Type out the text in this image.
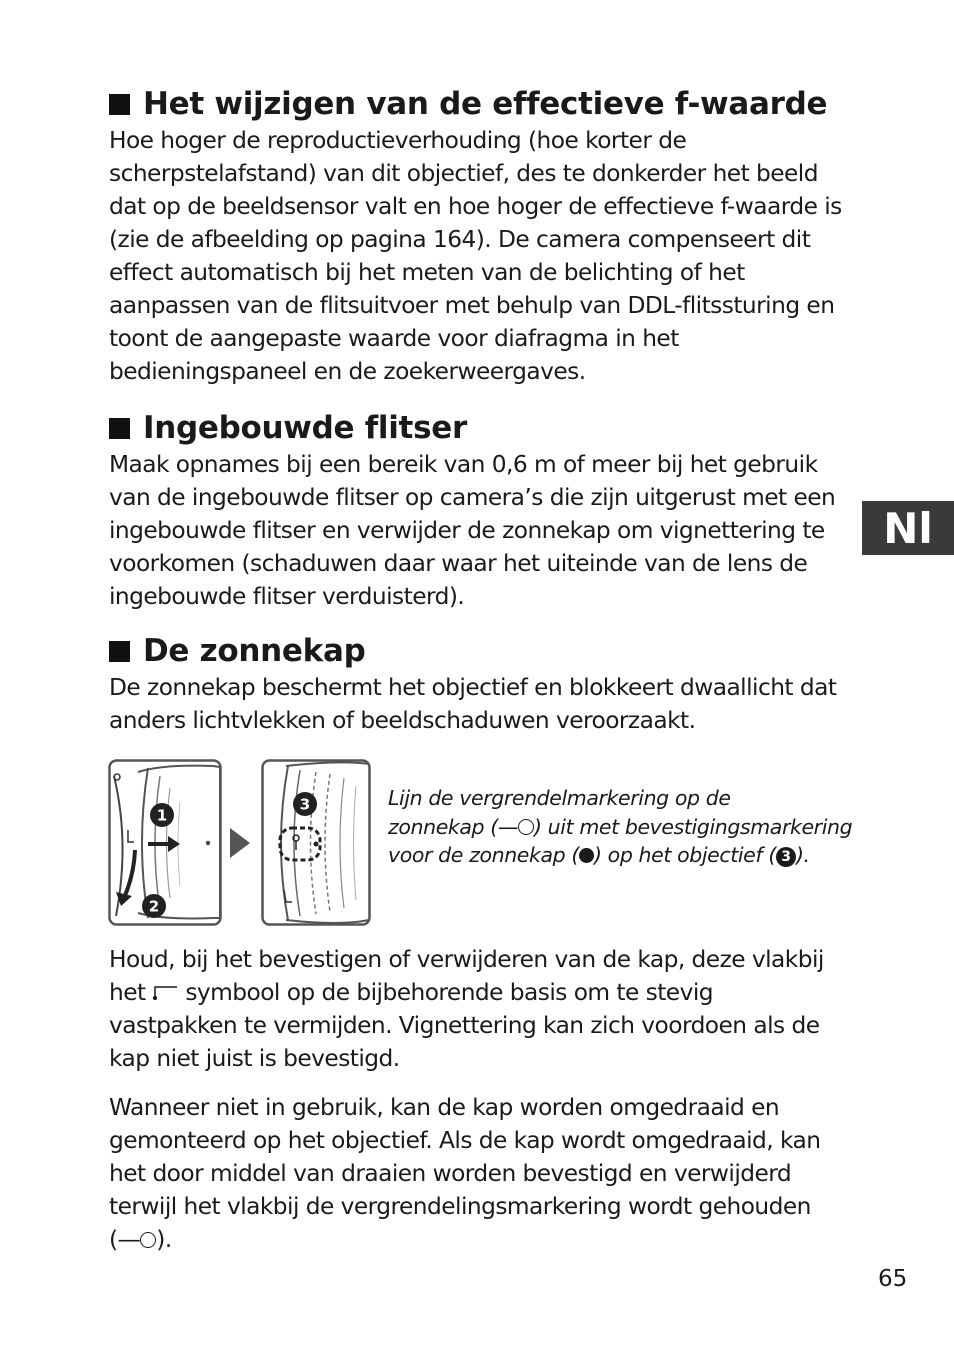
Het wijzigen van de effectieve f-waarde

Hoe hoger de reproductieverhouding (hoe korter de
scherpstelafstand) van dit objectief, des te donkerder het beeld
dat op de beeldsensor valt en hoe hoger de effectieve f-waarde is
(zie de afbeelding op pagina 164). De camera compenseert dit
effect automatisch bij het meten van de belichting of het
aanpassen van de flitsuitvoer met behulp van DDL-flitssturing en
toont de aangepaste waarde voor diafragma in het
bedieningspaneel en de zoekerweergaves.

Ingebouwde flitser

Maak opnames bij een bereik van 0,6 m of meer bij het gebruik
van de ingebouwde flitser op camera’s die zijn uitgerust met een
ingebouwde flitser en verwijder de zonnekap om vignettering te
voorkomen (schaduwen daar waar het uiteinde van de lens de
ingebouwde flitser verduisterd).

De zonnekap

De zonnekap beschermt het objectief en blokkeert dwaallicht dat
anders lichtvlekken of beeldschaduwen veroorzaakt.

Nl
1
2
3	Lijn de vergrendelmarkering op de
zonnekap (— ) uit met bevestigingsmarkering
voor de zonnekap ( ) op het objectief ( 3 ).

Houd, bij het bevestigen of verwijderen van de kap, deze vlakbij
het symbool op de bijbehorende basis om te stevig
vastpakken te vermijden. Vignettering kan zich voordoen als de
kap niet juist is bevestigd.

Wanneer niet in gebruik, kan de kap worden omgedraaid en
gemonteerd op het objectief. Als de kap wordt omgedraaid, kan
het door middel van draaien worden bevestigd en verwijderd
terwijl het vlakbij de vergrendelingsmarkering wordt gehouden
(— ).

65
